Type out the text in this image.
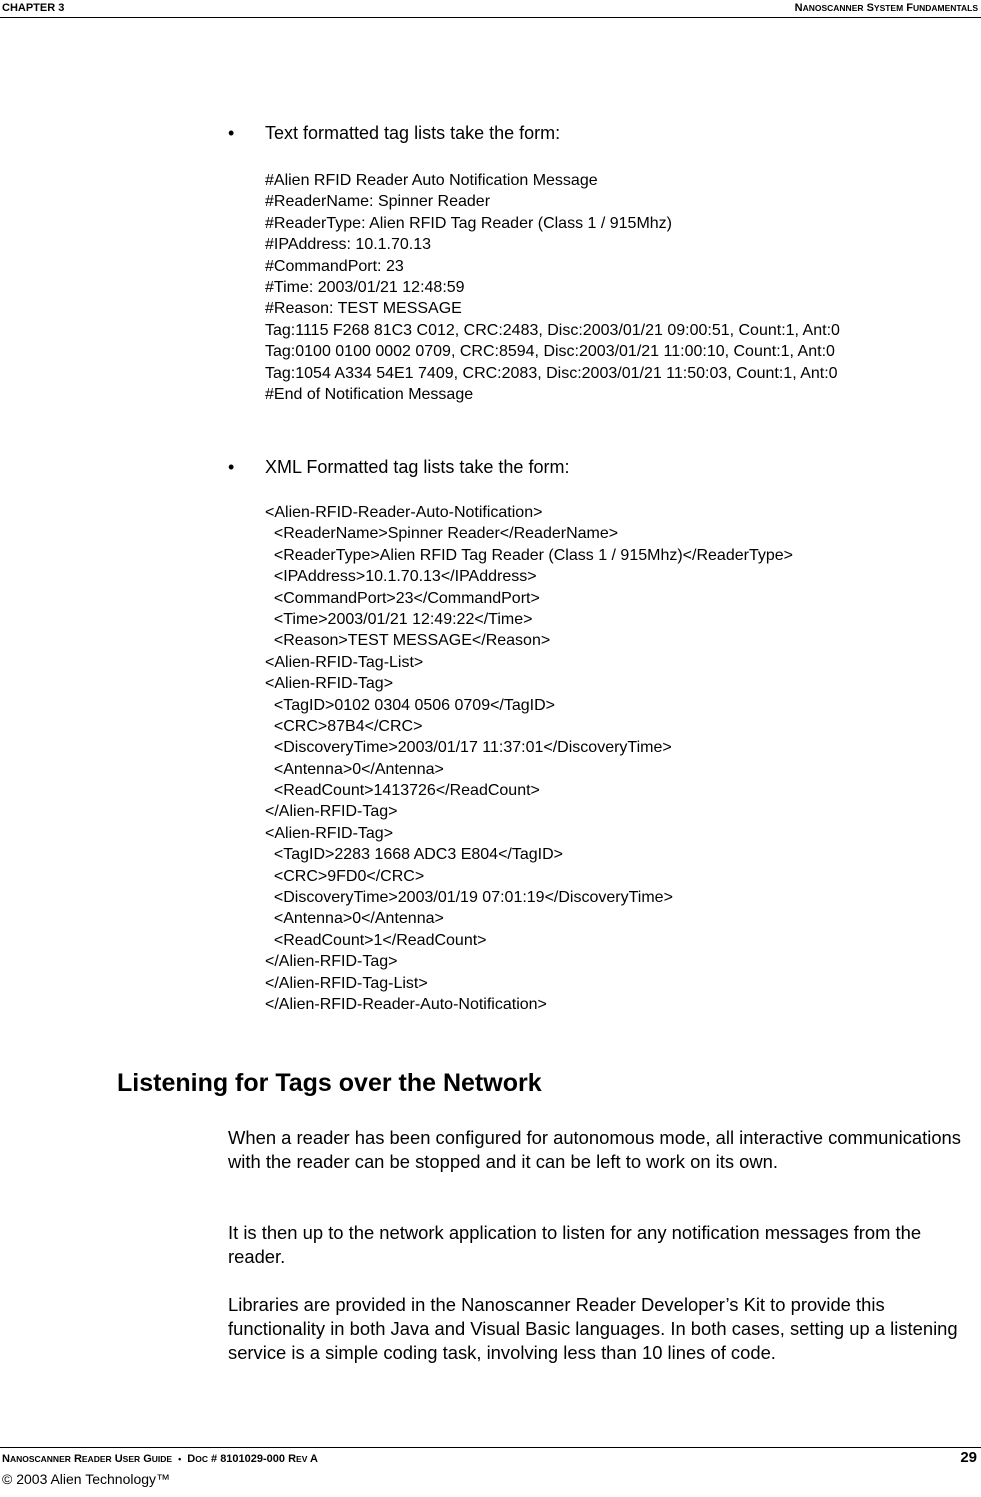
CHAPTER 3	NANOSCANNER SYSTEM FUNDAMENTALS
•	Text formatted tag lists take the form:
#Alien RFID Reader Auto Notification Message
#ReaderName: Spinner Reader
#ReaderType: Alien RFID Tag Reader (Class 1 / 915Mhz)
#IPAddress: 10.1.70.13
#CommandPort: 23
#Time: 2003/01/21 12:48:59
#Reason: TEST MESSAGE
Tag:1115 F268 81C3 C012, CRC:2483, Disc:2003/01/21 09:00:51, Count:1, Ant:0
Tag:0100 0100 0002 0709, CRC:8594, Disc:2003/01/21 11:00:10, Count:1, Ant:0
Tag:1054 A334 54E1 7409, CRC:2083, Disc:2003/01/21 11:50:03, Count:1, Ant:0
#End of Notification Message
•	XML Formatted tag lists take the form:
<Alien-RFID-Reader-Auto-Notification>
<ReaderName>Spinner Reader</ReaderName>
<ReaderType>Alien RFID Tag Reader (Class 1 / 915Mhz)</ReaderType>
<IPAddress>10.1.70.13</IPAddress>
<CommandPort>23</CommandPort>
<Time>2003/01/21 12:49:22</Time>
<Reason>TEST MESSAGE</Reason>
<Alien-RFID-Tag-List>
<Alien-RFID-Tag>
<TagID>0102 0304 0506 0709</TagID>
<CRC>87B4</CRC>
<DiscoveryTime>2003/01/17 11:37:01</DiscoveryTime>
<Antenna>0</Antenna>
<ReadCount>1413726</ReadCount>
</Alien-RFID-Tag>
<Alien-RFID-Tag>
<TagID>2283 1668 ADC3 E804</TagID>
<CRC>9FD0</CRC>
<DiscoveryTime>2003/01/19 07:01:19</DiscoveryTime>
<Antenna>0</Antenna>
<ReadCount>1</ReadCount>
</Alien-RFID-Tag>
</Alien-RFID-Tag-List>
</Alien-RFID-Reader-Auto-Notification>
Listening for Tags over the Network

When a reader has been configured for autonomous mode, all interactive communications with the reader can be stopped and it can be left to work on its own.

It is then up to the network application to listen for any notification messages from the reader.

Libraries are provided in the Nanoscanner Reader Developer’s Kit to provide this functionality in both Java and Visual Basic languages. In both cases, setting up a listening service is a simple coding task, involving less than 10 lines of code.

NANOSCANNER READER USER GUIDE • DOC # 8101029-000 REV A	29
© 2003 Alien Technology™
